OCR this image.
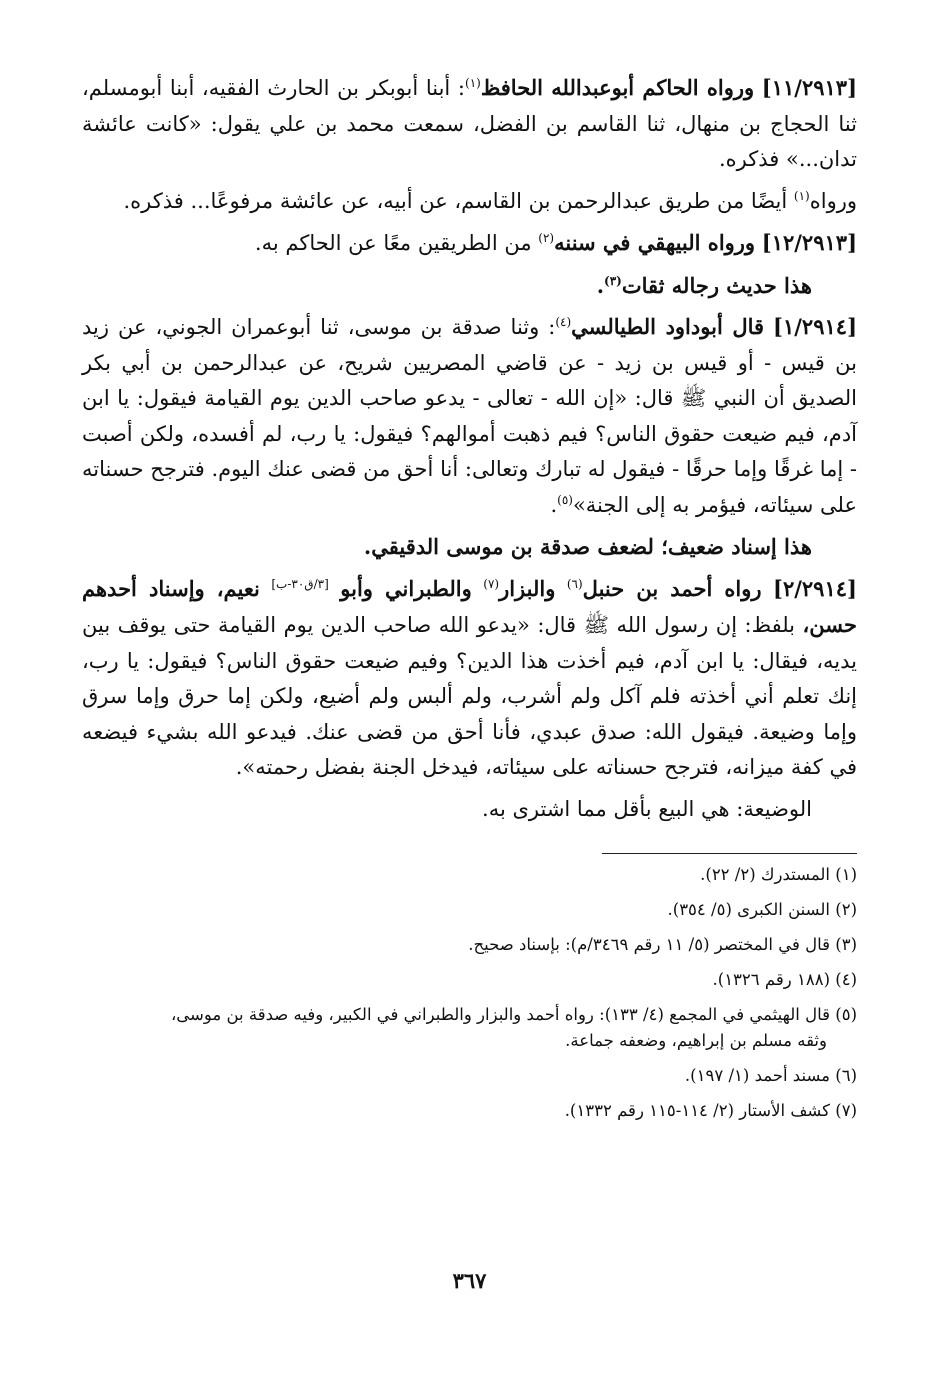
[١١/٢٩١٣] ورواه الحاكم أبوعبدالله الحافظ$^{(١)}$: أبنا أبوبكر بن الحارث الفقيه، أبنا أبومسلم، ثنا الحجاج بن منهال، ثنا القاسم بن الفضل، سمعت محمد بن علي يقول: «كانت عائشة تدان...» فذكره.

ورواه$^{(١)}$ أيضًا من طريق عبدالرحمن بن القاسم، عن أبيه، عن عائشة مرفوعًا... فذكره.

[١٢/٢٩١٣] ورواه البيهقي في سننه$^{(٢)}$ من الطريقين معًا عن الحاكم به.

هذا حديث رجاله ثقات$^{(٣)}$.

[١/٢٩١٤] قال أبوداود الطيالسي$^{(٤)}$: وثنا صدقة بن موسى، ثنا أبوعمران الجوني، عن زيد بن قيس - أو قيس بن زيد - عن قاضي المصريين شريح، عن عبدالرحمن بن أبي بكر الصديق أن النبي ﷺ قال: «إن الله - تعالى - يدعو صاحب الدين يوم القيامة فيقول: يا ابن آدم، فيم ضيعت حقوق الناس؟ فيم ذهبت أموالهم؟ فيقول: يا رب، لم أفسده، ولكن أصبت - إما غرقًا وإما حرقًا - فيقول له تبارك وتعالى: أنا أحق من قضى عنك اليوم. فترجح حسناته على سيئاته، فيؤمر به إلى الجنة»$^{(٥)}$.

هذا إسناد ضعيف؛ لضعف صدقة بن موسى الدقيقي.

[٢/٢٩١٤] رواه أحمد بن حنبل$^{(٦)}$ والبزار$^{(٧)}$ والطبراني وأبو [٣/ق٣٠-ب] نعيم، وإسناد أحدهم حسن، بلفظ: إن رسول الله ﷺ قال: «يدعو الله صاحب الدين يوم القيامة حتى يوقف بين يديه، فيقال: يا ابن آدم، فيم أخذت هذا الدين؟ وفيم ضيعت حقوق الناس؟ فيقول: يا رب، إنك تعلم أني أخذته فلم آكل ولم أشرب، ولم ألبس ولم أضيع، ولكن إما حرق وإما سرق وإما وضيعة. فيقول الله: صدق عبدي، فأنا أحق من قضى عنك. فيدعو الله بشيء فيضعه في كفة ميزانه، فترجح حسناته على سيئاته، فيدخل الجنة بفضل رحمته».

الوضيعة: هي البيع بأقل مما اشترى به.

(١) المستدرك (٢/ ٢٢).

(٢) السنن الكبرى (٥/ ٣٥٤).

(٣) قال في المختصر (٥/ ١١ رقم ٣٤٦٩/م): بإسناد صحيح.

(٤) (١٨٨ رقم ١٣٢٦).

(٥) قال الهيثمي في المجمع (٤/ ١٣٣): رواه أحمد والبزار والطبراني في الكبير، وفيه صدقة بن موسى،
وثقه مسلم بن إبراهيم، وضعفه جماعة.

(٦) مسند أحمد (١/ ١٩٧).

(٧) كشف الأستار (٢/ ١١٤-١١٥ رقم ١٣٣٢).

٣٦٧
